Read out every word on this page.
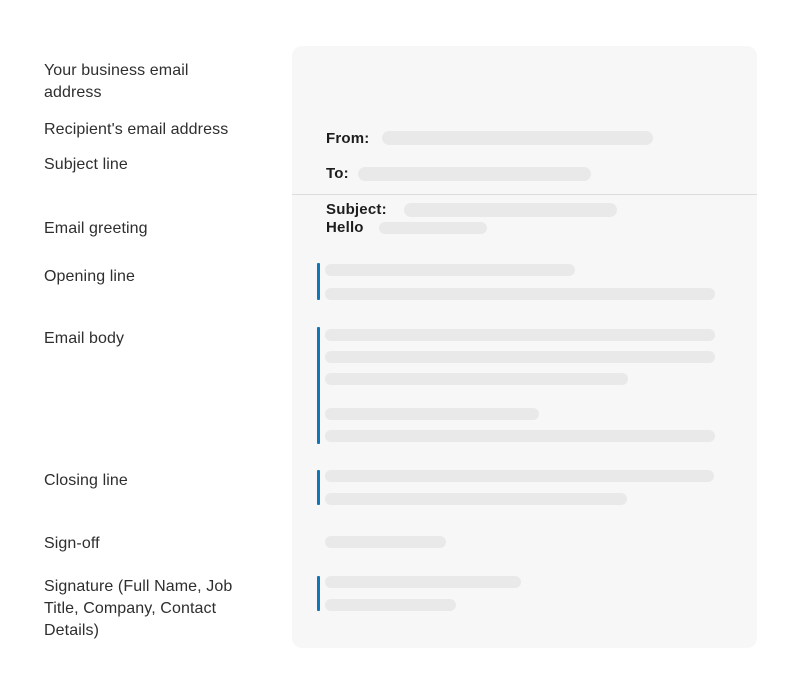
Your business email address
Recipient's email address
Subject line
Email greeting
Opening line
Email body
Closing line
Sign-off
Signature (Full Name, Job Title, Company, Contact Details)
From:
To:
Subject:
Hello
